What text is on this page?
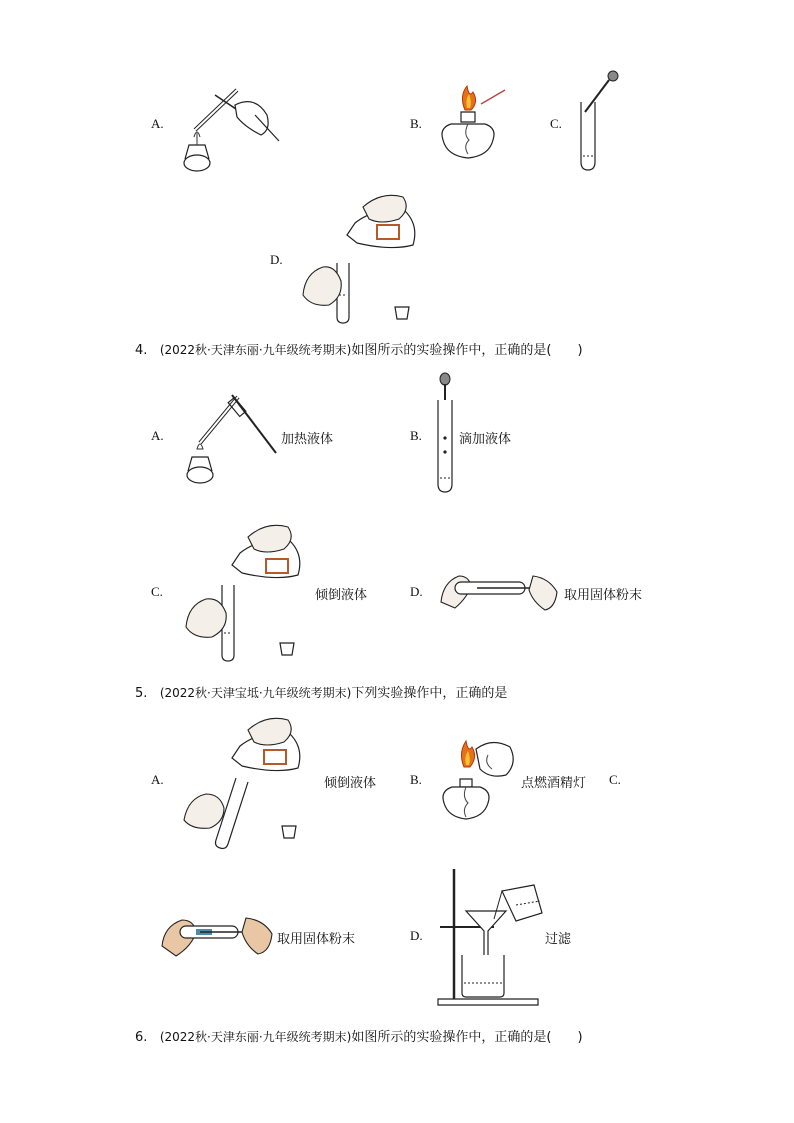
A.	B.	C.
D.
4. (2022秋·天津东丽·九年级统考期末)如图所示的实验操作中，正确的是(　　)
A.	加热液体	B.	滴加液体
C.	倾倒液体	D.	取用固体粉末
5. (2022秋·天津宝坻·九年级统考期末)下列实验操作中，正确的是
A.	倾倒液体	B.	点燃酒精灯 C.
取用固体粉末	D.	过滤
6. (2022秋·天津东丽·九年级统考期末)如图所示的实验操作中，正确的是(　　)
